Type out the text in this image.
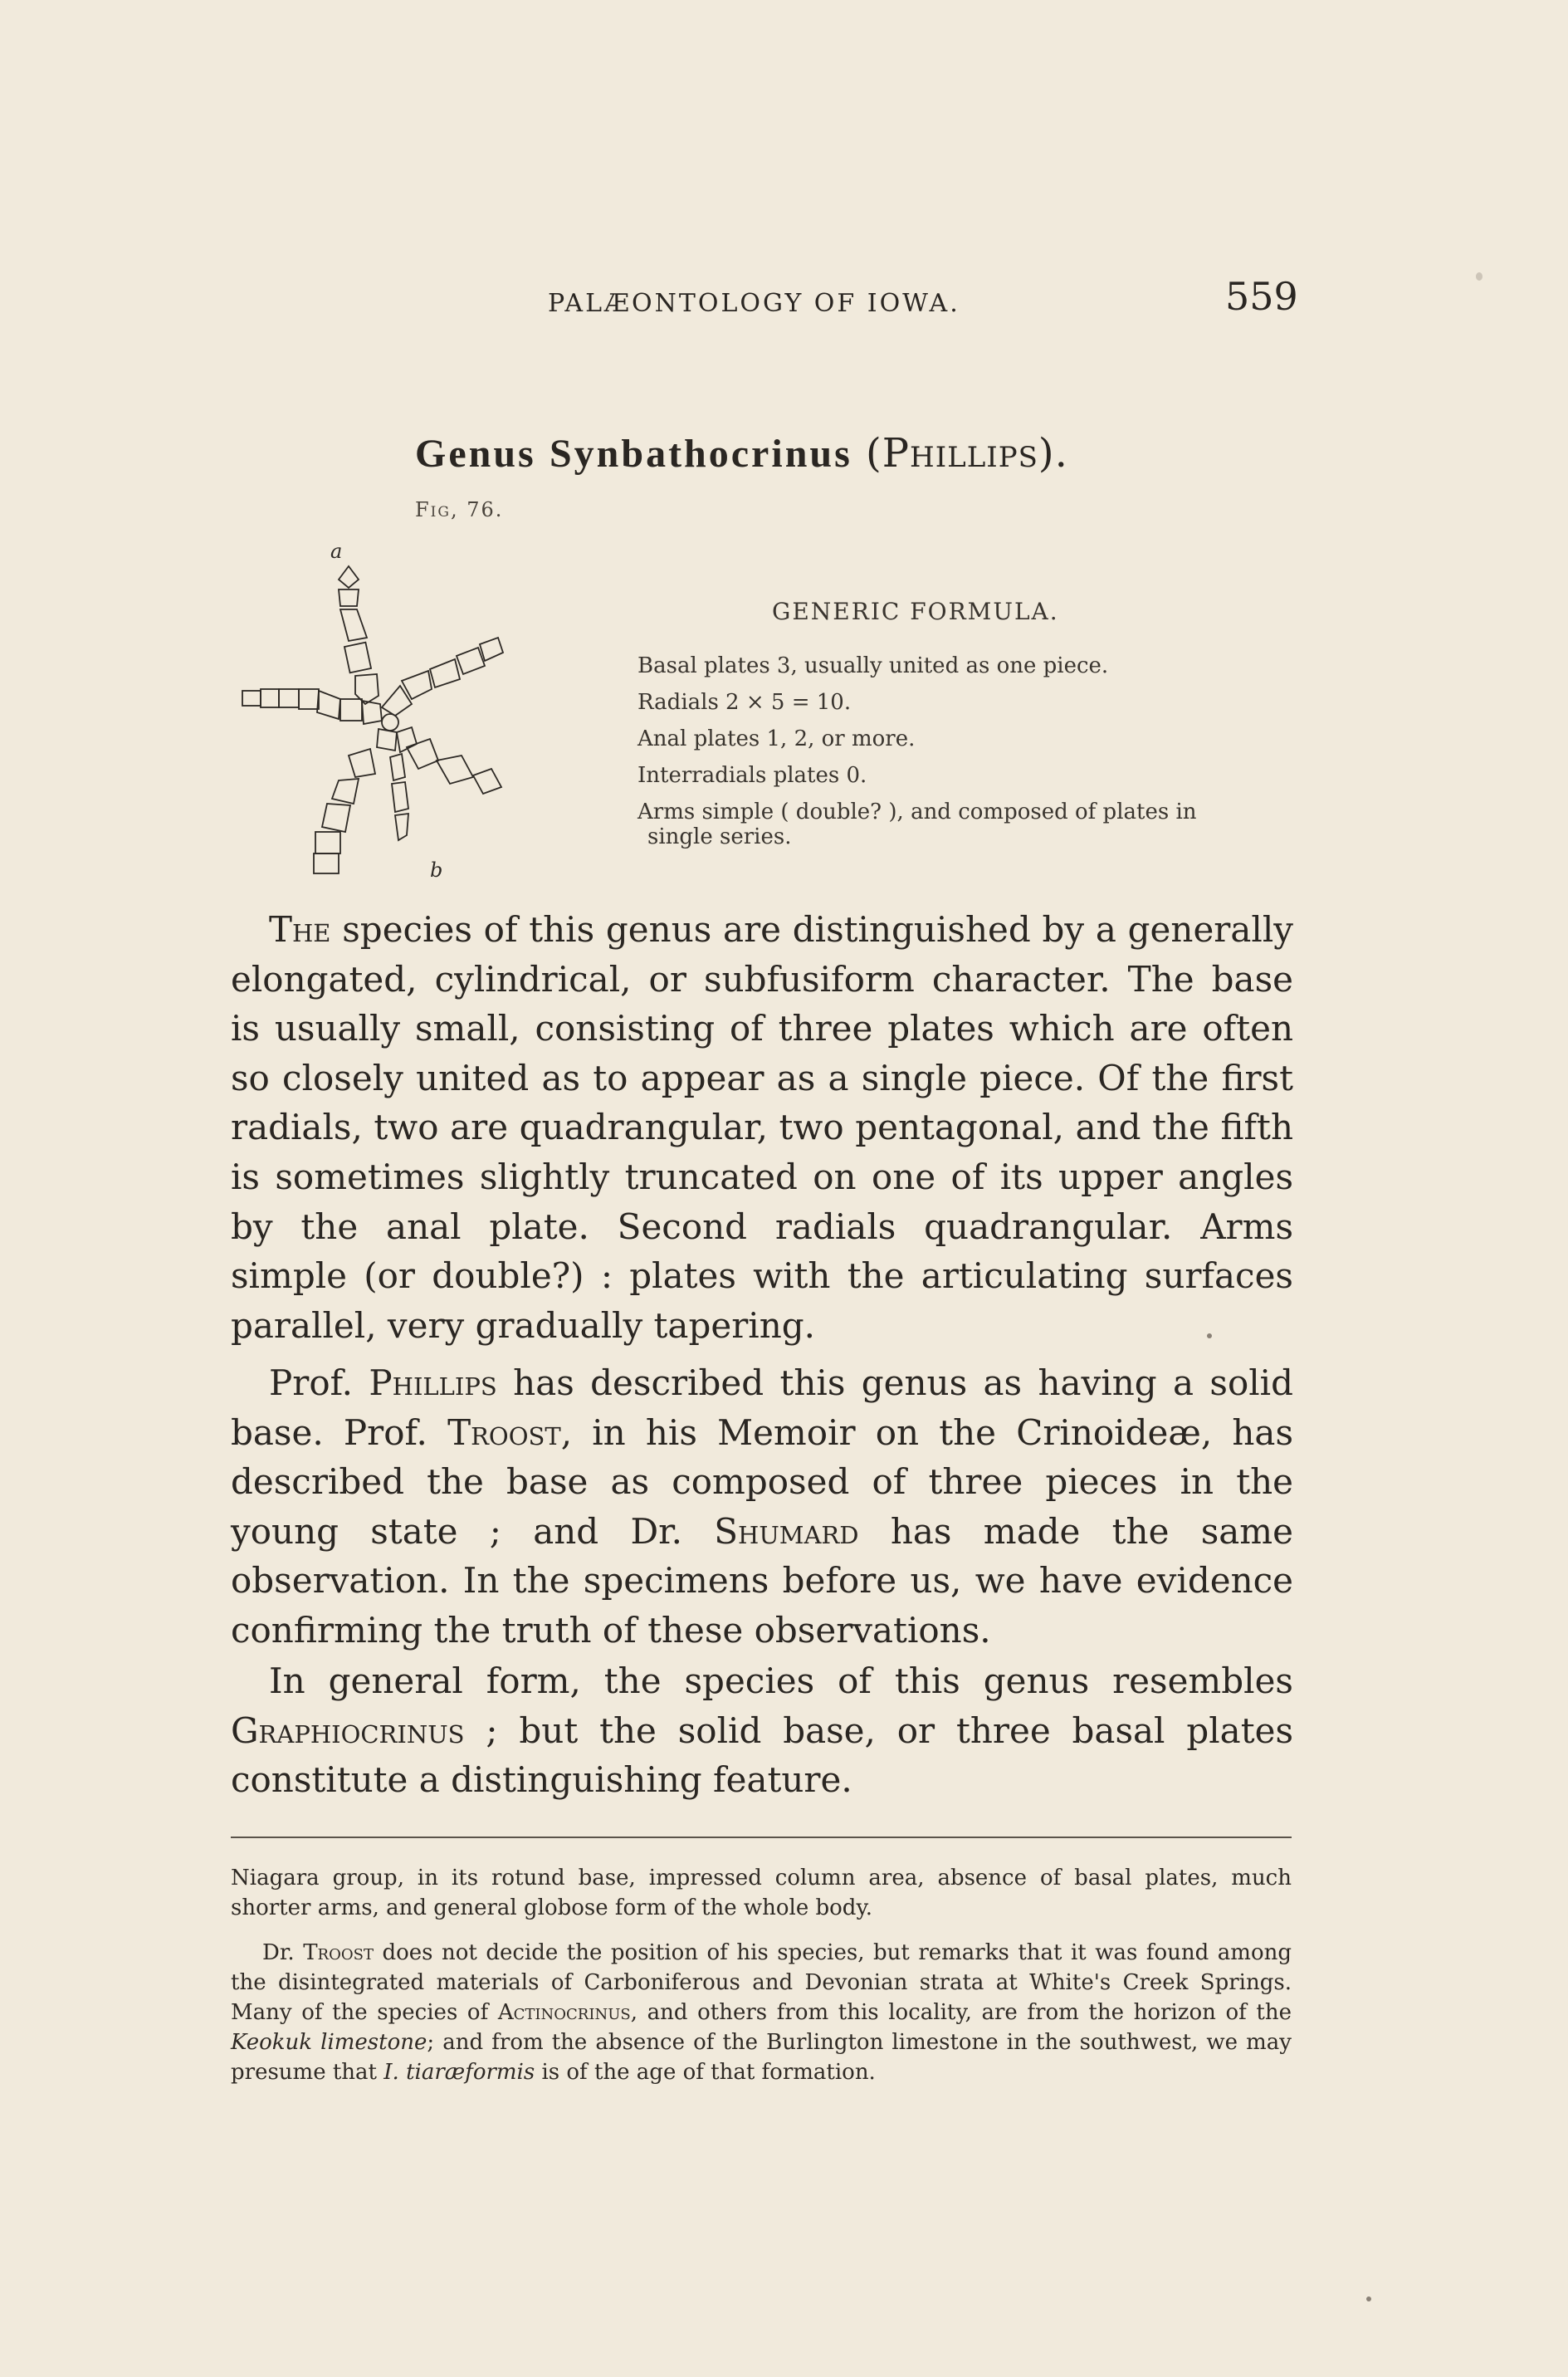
PALÆONTOLOGY OF IOWA.	559
Genus Synbathocrinus (Phillips).
Fig, 76.
a
b
GENERIC FORMULA.

Basal plates 3, usually united as one piece.

Radials 2 × 5 = 10.

Anal plates 1, 2, or more.

Interradials plates 0.

Arms simple ( double? ), and composed of plates in

single series.

The species of this genus are distinguished by a generally elongated, cylindrical, or subfusiform character. The base is usually small, consisting of three plates which are often so closely united as to appear as a single piece. Of the first radials, two are quadrangular, two pentagonal, and the fifth is sometimes slightly truncated on one of its upper angles by the anal plate. Second radials quadrangular. Arms simple (or double?) : plates with the articulating surfaces parallel, very gradually tapering.

Prof. Phillips has described this genus as having a solid base. Prof. Troost, in his Memoir on the Crinoideæ, has described the base as composed of three pieces in the young state ; and Dr. Shumard has made the same observation. In the specimens before us, we have evidence confirming the truth of these observations.

In general form, the species of this genus resembles Graphiocrinus ; but the solid base, or three basal plates constitute a distinguishing feature.

Niagara group, in its rotund base, impressed column area, absence of basal plates, much shorter arms, and general globose form of the whole body.

Dr. Troost does not decide the position of his species, but remarks that it was found among the disintegrated materials of Carboniferous and Devonian strata at White's Creek Springs. Many of the species of Actinocrinus, and others from this locality, are from the horizon of the Keokuk limestone; and from the absence of the Burlington limestone in the southwest, we may presume that I. tiaræformis is of the age of that formation.
